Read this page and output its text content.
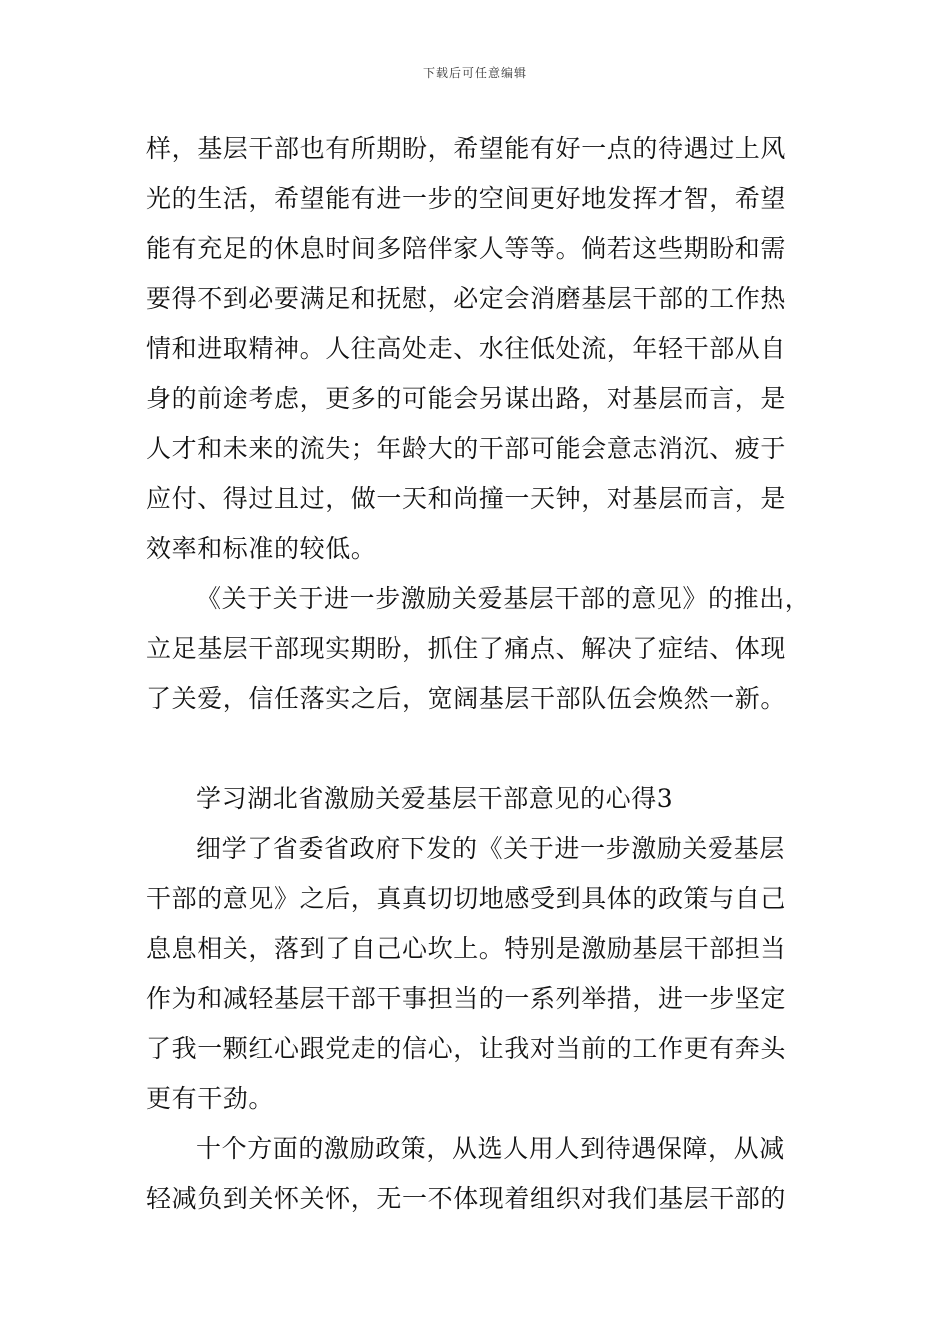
下载后可任意编辑
样，基层干部也有所期盼，希望能有好一点的待遇过上风
光的生活，希望能有进一步的空间更好地发挥才智，希望
能有充足的休息时间多陪伴家人等等。倘若这些期盼和需
要得不到必要满足和抚慰，必定会消磨基层干部的工作热
情和进取精神。人往高处走、水往低处流，年轻干部从自
身的前途考虑，更多的可能会另谋出路，对基层而言，是
人才和未来的流失；年龄大的干部可能会意志消沉、疲于
应付、得过且过，做一天和尚撞一天钟，对基层而言，是
效率和标准的较低。
《关于关于进一步激励关爱基层干部的意见》的推出，
立足基层干部现实期盼，抓住了痛点、解决了症结、体现
了关爱，信任落实之后，宽阔基层干部队伍会焕然一新。
学习湖北省激励关爱基层干部意见的心得3
细学了省委省政府下发的《关于进一步激励关爱基层
干部的意见》之后，真真切切地感受到具体的政策与自己
息息相关，落到了自己心坎上。特别是激励基层干部担当
作为和减轻基层干部干事担当的一系列举措，进一步坚定
了我一颗红心跟党走的信心，让我对当前的工作更有奔头
更有干劲。
十个方面的激励政策，从选人用人到待遇保障，从减
轻减负到关怀关怀，无一不体现着组织对我们基层干部的
